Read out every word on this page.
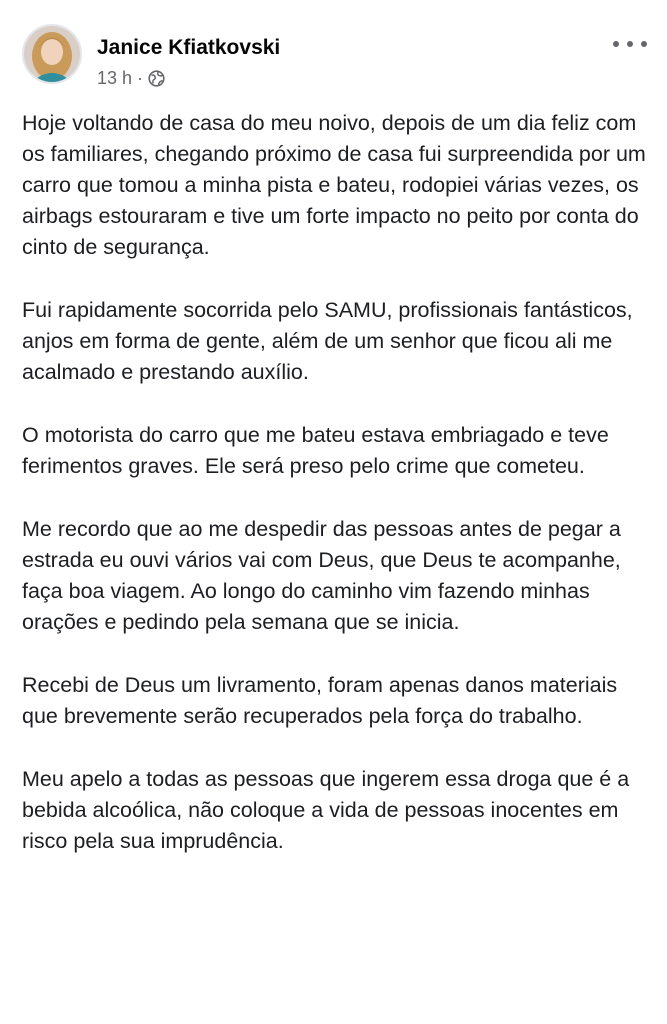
Janice Kfiatkovski
13 h ·

Hoje voltando de casa do meu noivo, depois de um dia feliz com os familiares, chegando próximo de casa fui surpreendida por um carro que tomou a minha pista e bateu, rodopiei várias vezes, os airbags estouraram e tive um forte impacto no peito por conta do cinto de segurança.

Fui rapidamente socorrida pelo SAMU, profissionais fantásticos, anjos em forma de gente, além de um senhor que ficou ali me acalmado e prestando auxílio.

O motorista do carro que me bateu estava embriagado e teve ferimentos graves. Ele será preso pelo crime que cometeu.

Me recordo que ao me despedir das pessoas antes de pegar a estrada eu ouvi vários vai com Deus, que Deus te acompanhe, faça boa viagem. Ao longo do caminho vim fazendo minhas orações e pedindo pela semana que se inicia.

Recebi de Deus um livramento, foram apenas danos materiais que brevemente serão recuperados pela força do trabalho.

Meu apelo a todas as pessoas que ingerem essa droga que é a bebida alcoólica, não coloque a vida de pessoas inocentes em risco pela sua imprudência.
